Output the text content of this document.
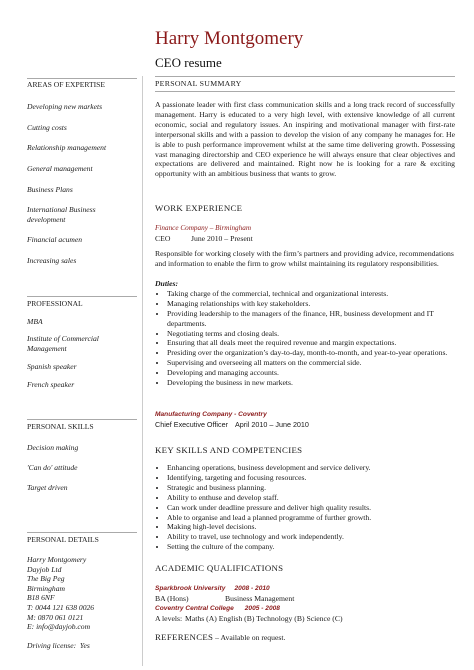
Harry Montgomery
CEO resume
AREAS OF EXPERTISE

Developing new markets

Cutting costs

Relationship management

General management

Business Plans

International Business development

Financial acumen

Increasing sales

PROFESSIONAL

MBA

Institute of Commercial Management

Spanish speaker

French speaker

PERSONAL SKILLS

Decision making

'Can do' attitude

Target driven

PERSONAL DETAILS

Harry Montgomery

Dayjob Ltd

The Big Peg

Birmingham

B18 6NF

T: 0044 121 638 0026

M: 0870 061 0121

E: info@dayjob.com

Driving license:  Yes

PERSONAL SUMMARY
A passionate leader with first class communication skills and a long track record of successfully management. Harry is educated to a very high level, with extensive knowledge of all current economic, social and regulatory issues. An inspiring and motivational manager with first-rate interpersonal skills and with a passion to develop the vision of any company he manages for. He is able to push performance improvement whilst at the same time delivering growth. Possessing vast managing directorship and CEO experience he will always ensure that clear objectives and expectations are delivered and maintained. Right now he is looking for a rare & exciting opportunity with an ambitious business that wants to grow.
WORK EXPERIENCE
Finance Company – Birmingham
CEO	June 2010 – Present
Responsible for working closely with the firm’s partners and providing advice, recommendations and information to enable the firm to grow whilst maintaining its regulatory responsibilities.
Duties:
• Taking charge of the commercial, technical and organizational interests.
• Managing relationships with key stakeholders.
• Providing leadership to the managers of the finance, HR, business development and IT departments.
• Negotiating terms and closing deals.
• Ensuring that all deals meet the required revenue and margin expectations.
• Presiding over the organization’s day-to-day, month-to-month, and year-to-year operations.
• Supervising and overseeing all matters on the commercial side.
• Developing and managing accounts.
• Developing the business in new markets.
Manufacturing Company - Coventry
Chief Executive Officer April 2010 – June 2010
KEY SKILLS AND COMPETENCIES
• Enhancing operations, business development and service delivery.
• Identifying, targeting and focusing resources.
• Strategic and business planning.
• Ability to enthuse and develop staff.
• Can work under deadline pressure and deliver high quality results.
• Able to organise and lead a planned programme of further growth.
• Making high-level decisions.
• Ability to travel, use technology and work independently.
• Setting the culture of the company.
ACADEMIC QUALIFICATIONS
Sparkbrook University     2008 - 2010
BA (Hons)	Business Management
Coventry Central College      2005 - 2008
A levels: Maths (A) English (B) Technology (B) Science (C)
REFERENCES – Available on request.
